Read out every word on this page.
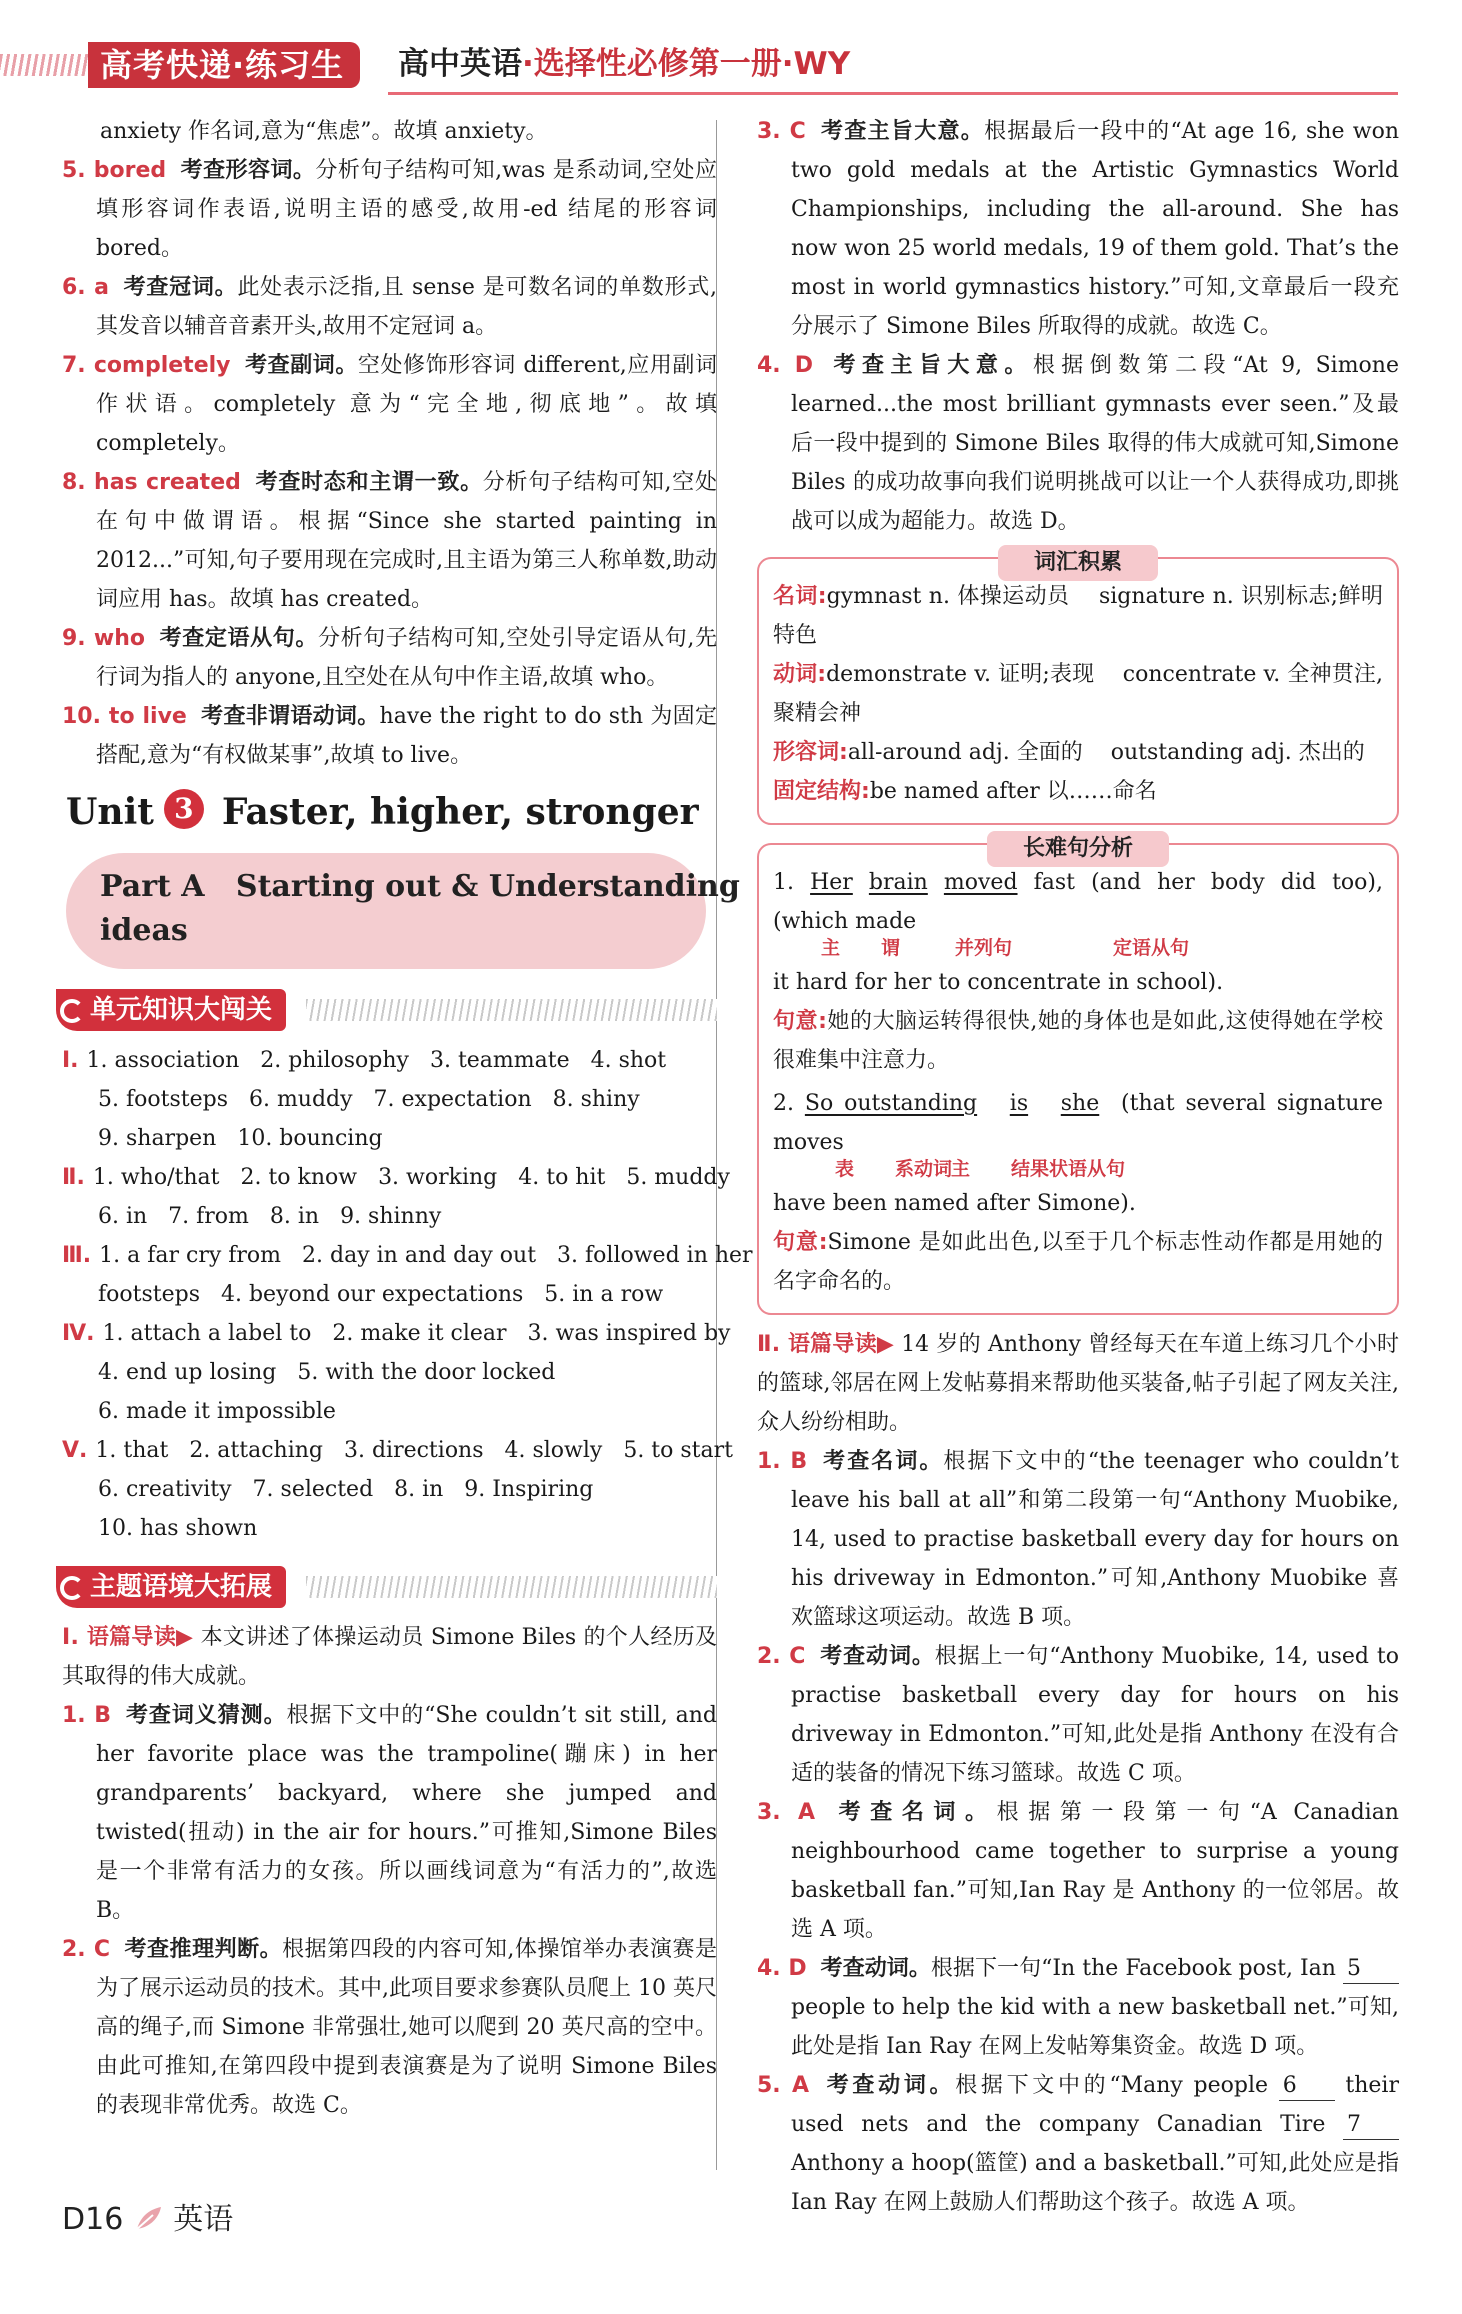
高考快递·练习生	高中英语·选择性必修第一册·WY

anxiety 作名词,意为“焦虑”。故填 anxiety。

5. bored 考查形容词。分析句子结构可知,was 是系动词,空处应填形容词作表语,说明主语的感受,故用-ed 结尾的形容词 bored。

6. a 考查冠词。此处表示泛指,且 sense 是可数名词的单数形式,其发音以辅音音素开头,故用不定冠词 a。

7. completely 考查副词。空处修饰形容词 different,应用副词作状语。completely 意为“完全地,彻底地”。故填 completely。

8. has created 考查时态和主谓一致。分析句子结构可知,空处在句中做谓语。根据“Since she started painting in 2012...”可知,句子要用现在完成时,且主语为第三人称单数,助动词应用 has。故填 has created。

9. who 考查定语从句。分析句子结构可知,空处引导定语从句,先行词为指人的 anyone,且空处在从句中作主语,故填 who。

10. to live 考查非谓语动词。have the right to do sth 为固定搭配,意为“有权做某事”,故填 to live。

Unit 3 Faster, higher, stronger
Part A   Starting out & Understanding
ideas
单元知识大闯关

Ⅰ. 1. association   2. philosophy   3. teammate   4. shot

5. footsteps   6. muddy   7. expectation   8. shiny

9. sharpen   10. bouncing

Ⅱ. 1. who/that   2. to know   3. working   4. to hit   5. muddy

6. in   7. from   8. in   9. shinny

Ⅲ. 1. a far cry from   2. day in and day out   3. followed in her

footsteps   4. beyond our expectations   5. in a row

Ⅳ. 1. attach a label to   2. make it clear   3. was inspired by

4. end up losing   5. with the door locked

6. made it impossible

Ⅴ. 1. that   2. attaching   3. directions   4. slowly   5. to start

6. creativity   7. selected   8. in   9. Inspiring

10. has shown

主题语境大拓展

Ⅰ. 语篇导读▶ 本文讲述了体操运动员 Simone Biles 的个人经历及其取得的伟大成就。

1. B 考查词义猜测。根据下文中的“She couldn’t sit still, and her favorite place was the trampoline(蹦床) in her grandparents’ backyard, where she jumped and twisted(扭动) in the air for hours.”可推知,Simone Biles 是一个非常有活力的女孩。所以画线词意为“有活力的”,故选 B。

2. C 考查推理判断。根据第四段的内容可知,体操馆举办表演赛是为了展示运动员的技术。其中,此项目要求参赛队员爬上 10 英尺高的绳子,而 Simone 非常强壮,她可以爬到 20 英尺高的空中。由此可推知,在第四段中提到表演赛是为了说明 Simone Biles 的表现非常优秀。故选 C。

3. C 考查主旨大意。根据最后一段中的“At age 16, she won two gold medals at the Artistic Gymnastics World Championships, including the all-around. She has now won 25 world medals, 19 of them gold. That’s the most in world gymnastics history.”可知,文章最后一段充分展示了 Simone Biles 所取得的成就。故选 C。

4. D 考查主旨大意。根据倒数第二段“At 9, Simone learned...the most brilliant gymnasts ever seen.”及最后一段中提到的 Simone Biles 取得的伟大成就可知,Simone Biles 的成功故事向我们说明挑战可以让一个人获得成功,即挑战可以成为超能力。故选 D。

词汇积累

名词:gymnast n. 体操运动员    signature n. 识别标志;鲜明特色

动词:demonstrate v. 证明;表现    concentrate v. 全神贯注,聚精会神

形容词:all-around adj. 全面的    outstanding adj. 杰出的

固定结构:be named after 以……命名

长难句分析

1. Her brain moved fast (and her body did too), (which made

主 谓	并列句	定语从句

it hard for her to concentrate in school).

句意:她的大脑运转得很快,她的身体也是如此,这使得她在学校很难集中注意力。

2. So outstanding is she  (that several signature moves

表 系动词
主 结果状语从句

have been named after Simone).

句意:Simone 是如此出色,以至于几个标志性动作都是用她的名字命名的。

Ⅱ. 语篇导读▶ 14 岁的 Anthony 曾经每天在车道上练习几个小时的篮球,邻居在网上发帖募捐来帮助他买装备,帖子引起了网友关注,众人纷纷相助。

1. B 考查名词。根据下文中的“the teenager who couldn’t leave his ball at all”和第二段第一句“Anthony Muobike, 14, used to practise basketball every day for hours on his driveway in Edmonton.”可知,Anthony Muobike 喜欢篮球这项运动。故选 B 项。

2. C 考查动词。根据上一句“Anthony Muobike, 14, used to practise basketball every day for hours on his driveway in Edmonton.”可知,此处是指 Anthony 在没有合适的装备的情况下练习篮球。故选 C 项。

3. A 考查名词。根据第一段第一句“A Canadian neighbourhood came together to surprise a young basketball fan.”可知,Ian Ray 是 Anthony 的一位邻居。故选 A 项。

4. D 考查动词。根据下一句“In the Facebook post, Ian 5 people to help the kid with a new basketball net.”可知,此处是指 Ian Ray 在网上发帖筹集资金。故选 D 项。

5. A 考查动词。根据下文中的“Many people 6 their used nets and the company Canadian Tire 7 Anthony a hoop(篮筐) and a basketball.”可知,此处应是指 Ian Ray 在网上鼓励人们帮助这个孩子。故选 A 项。

D16 英语
